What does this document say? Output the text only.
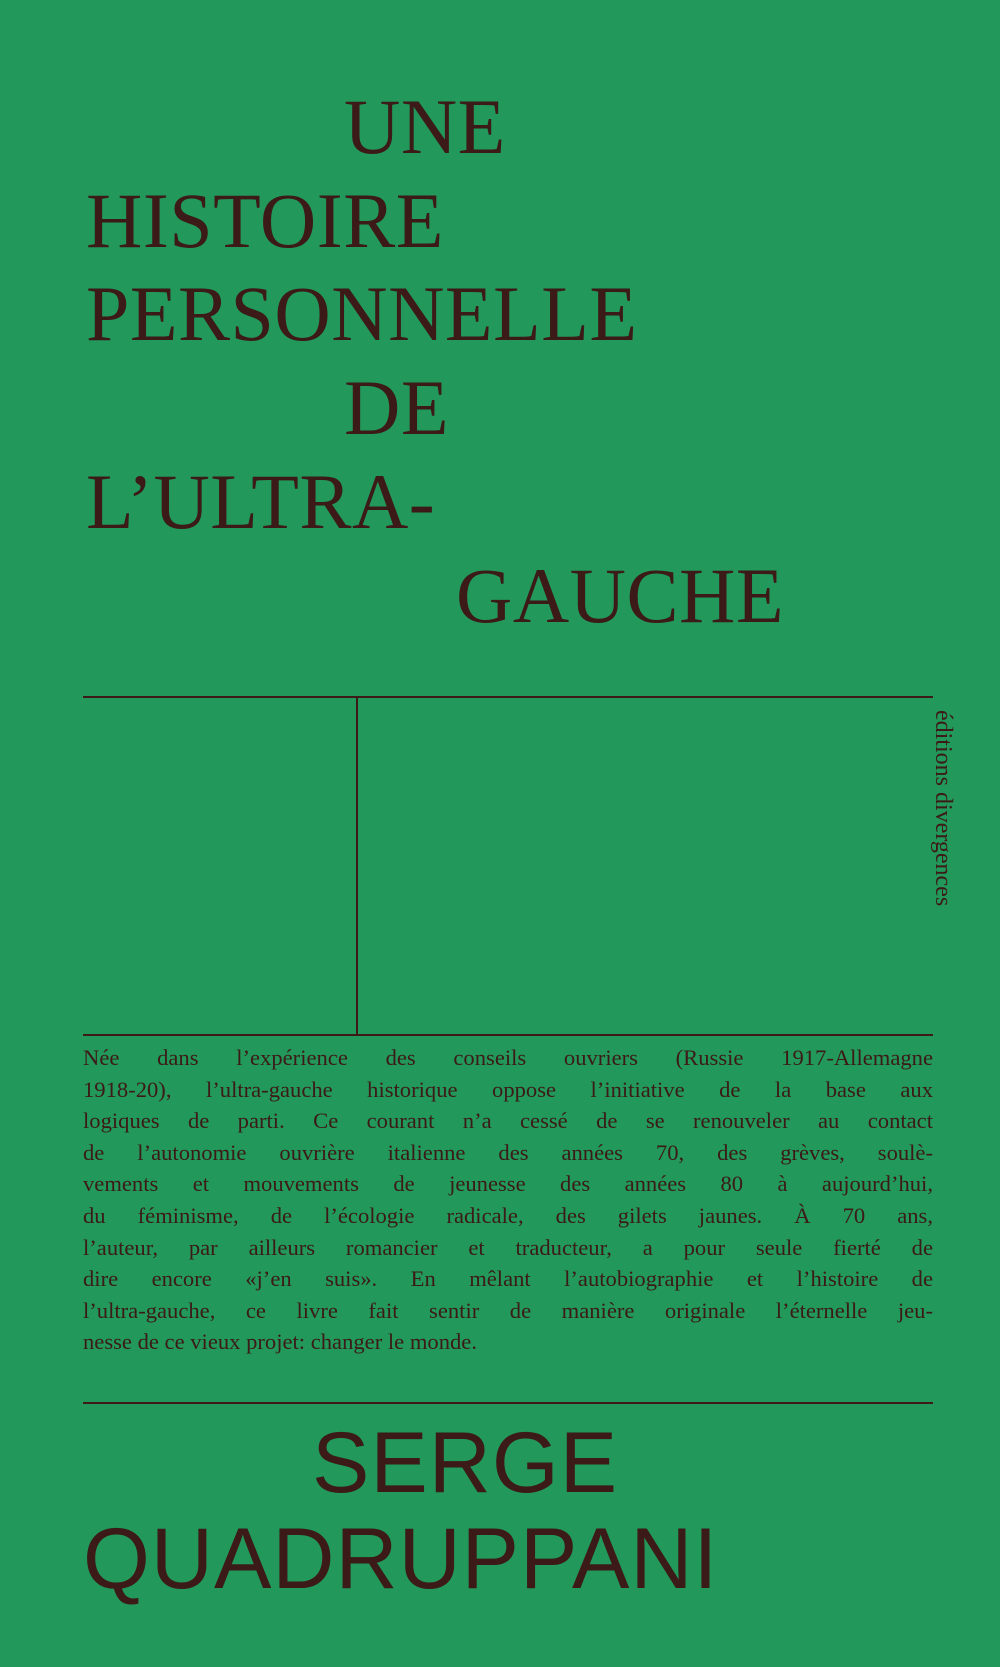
UNE
HISTOIRE
PERSONNELLE
DE
L’ULTRA-
GAUCHE
éditions divergences
Née dans l’expérience des conseils ouvriers (Russie 1917-Allemagne
1918-20), l’ultra-gauche historique oppose l’initiative de la base aux
logiques de parti. Ce courant n’a cessé de se renouveler au contact
de l’autonomie ouvrière italienne des années 70, des grèves, soulè-
vements et mouvements de jeunesse des années 80 à aujourd’hui,
du féminisme, de l’écologie radicale, des gilets jaunes. À 70 ans,
l’auteur, par ailleurs romancier et traducteur, a pour seule fierté de
dire encore «j’en suis». En mêlant l’autobiographie et l’histoire de
l’ultra-gauche, ce livre fait sentir de manière originale l’éternelle jeu-
nesse de ce vieux projet: changer le monde.
SERGE
QUADRUPPANI
